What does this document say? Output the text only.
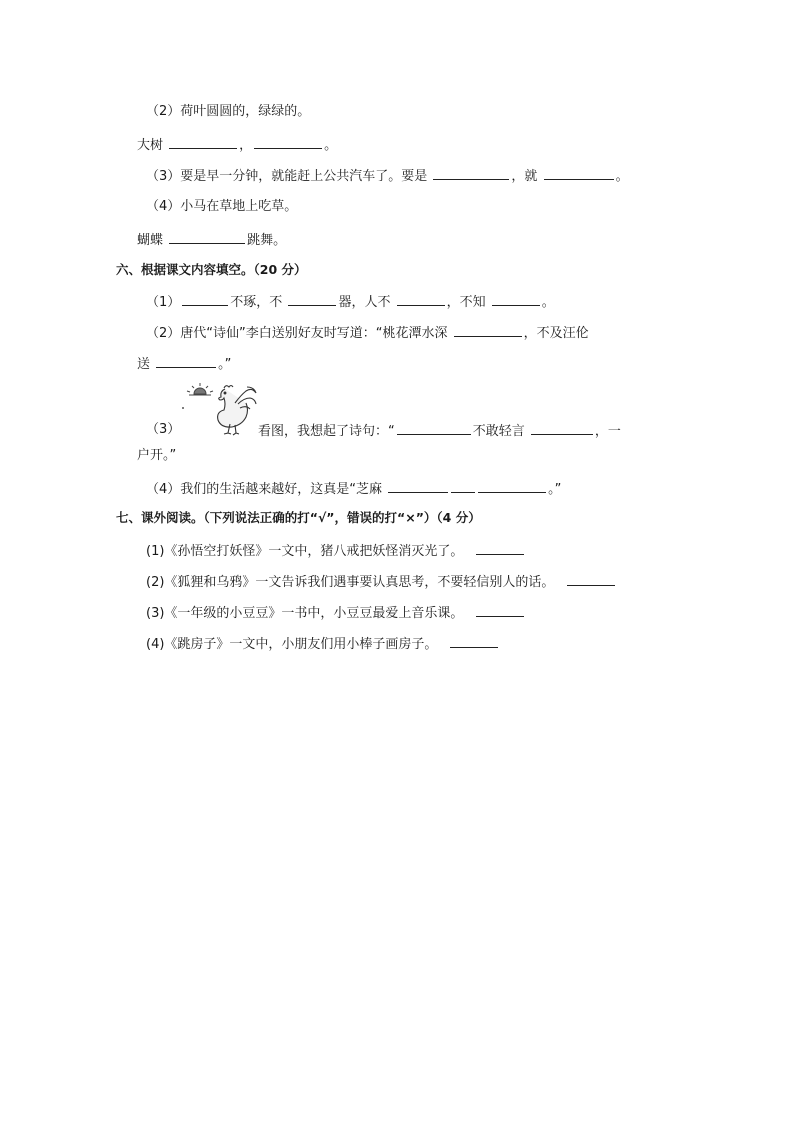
（2）荷叶圆圆的，绿绿的。
大树	，	。
（3）要是早一分钟，就能赶上公共汽车了。要是	，就	。
（4）小马在草地上吃草。
蝴蝶	跳舞。
六、根据课文内容填空。（20 分）
（1）	不琢，不	器，人不	，不知	。
（2）唐代“诗仙”李白送别好友时写道：“桃花潭水深	，不及汪伦
送	。”
（3）	看图，我想起了诗句：“	不敢轻言	，一
户开。”
（4）我们的生活越来越好，这真是“芝麻	。”
七、课外阅读。（下列说法正确的打“√”，错误的打“×”）（4 分）
(1)《孙悟空打妖怪》一文中，猪八戒把妖怪消灭光了。
(2)《狐狸和乌鸦》一文告诉我们遇事要认真思考，不要轻信别人的话。
(3)《一年级的小豆豆》一书中，小豆豆最爱上音乐课。
(4)《跳房子》一文中，小朋友们用小棒子画房子。
